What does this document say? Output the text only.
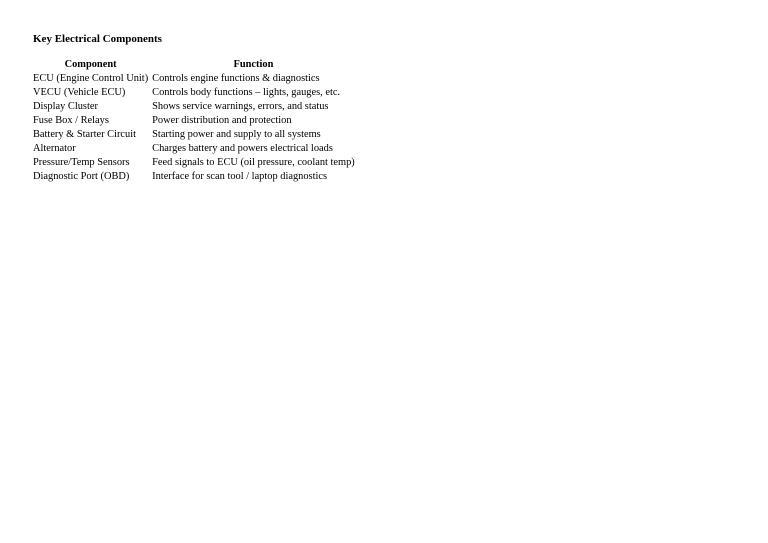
Key Electrical Components
Component	Function
ECU (Engine Control Unit)	Controls engine functions & diagnostics
VECU (Vehicle ECU)	Controls body functions – lights, gauges, etc.
Display Cluster	Shows service warnings, errors, and status
Fuse Box / Relays	Power distribution and protection
Battery & Starter Circuit	Starting power and supply to all systems
Alternator	Charges battery and powers electrical loads
Pressure/Temp Sensors	Feed signals to ECU (oil pressure, coolant temp)
Diagnostic Port (OBD)	Interface for scan tool / laptop diagnostics
